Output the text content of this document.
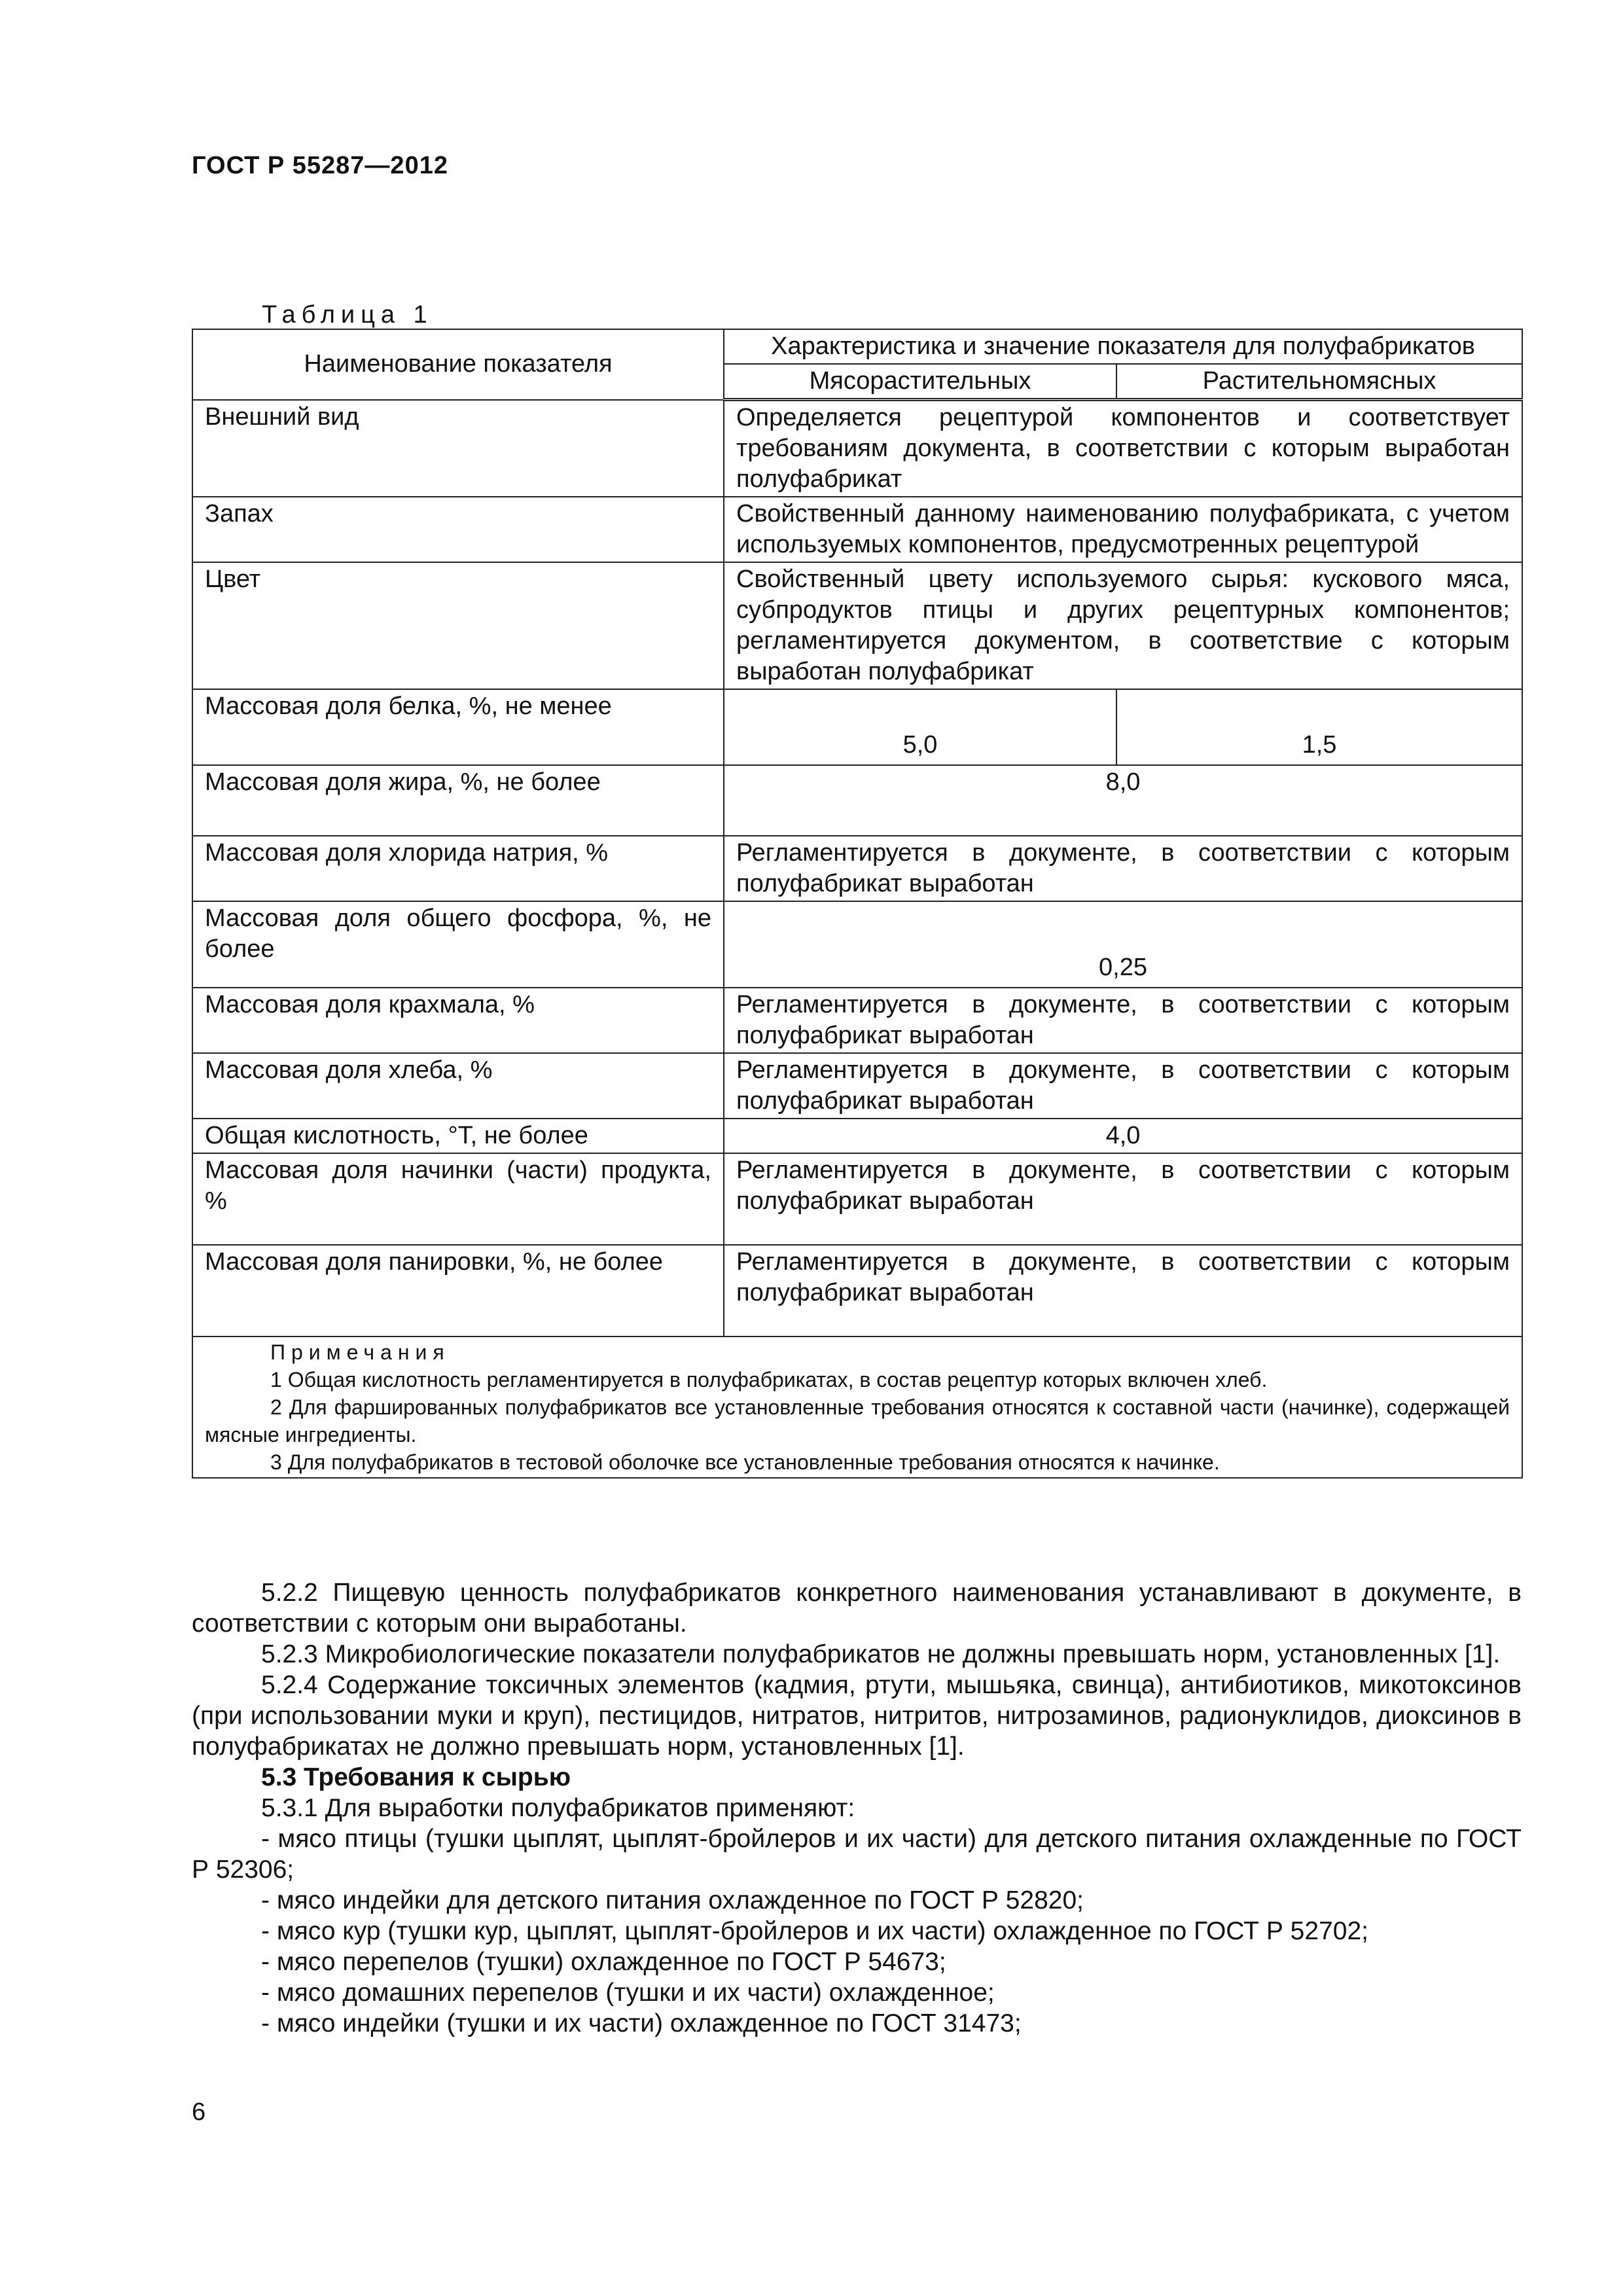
ГОСТ Р 55287—2012
Таблица 1
Наименование показателя	Характеристика и значение показателя для полуфабрикатов	
	Мясорастительных	Растительномясных
Внешний вид	Определяется рецептурой компонентов и соответствует требованиям документа, в соответствии с которым выработан полуфабрикат	
Запах	Свойственный данному наименованию полуфабриката, с учетом используемых компонентов, предусмотренных рецептурой	
Цвет	Свойственный цвету используемого сырья: кускового мяса, субпродуктов птицы и других рецептурных компонентов; регламентируется документом, в соответствие с которым выработан полуфабрикат	
Массовая доля белка, %, не менее	5,0	1,5
Массовая доля жира, %, не более	8,0	
Массовая доля хлорида натрия, %	Регламентируется в документе, в соответствии с которым полуфабрикат выработан	
Массовая доля общего фосфора, %, не более	0,25	
Массовая доля крахмала, %	Регламентируется в документе, в соответствии с которым полуфабрикат выработан	
Массовая доля хлеба, %	Регламентируется в документе, в соответствии с которым полуфабрикат выработан	
Общая кислотность, °Т, не более	4,0	
Массовая доля начинки (части) продукта, %	Регламентируется в документе, в соответствии с которым полуфабрикат выработан	
Массовая доля панировки, %, не более	Регламентируется в документе, в соответствии с которым полуфабрикат выработан	

Примечания
1 Общая кислотность регламентируется в полуфабрикатах, в состав рецептур которых включен хлеб.
2 Для фаршированных полуфабрикатов все установленные требования относятся к составной части (начинке), содержащей мясные ингредиенты.
3 Для полуфабрикатов в тестовой оболочке все установленные требования относятся к начинке.		
5.2.2 Пищевую ценность полуфабрикатов конкретного наименования устанавливают в документе, в соответствии с которым они выработаны.
5.2.3 Микробиологические показатели полуфабрикатов не должны превышать норм, установленных [1].
5.2.4 Содержание токсичных элементов (кадмия, ртути, мышьяка, свинца), антибиотиков, микотоксинов (при использовании муки и круп), пестицидов, нитратов, нитритов, нитрозаминов, радионуклидов, диоксинов в полуфабрикатах не должно превышать норм, установленных [1].
5.3 Требования к сырью
5.3.1 Для выработки полуфабрикатов применяют:
- мясо птицы (тушки цыплят, цыплят-бройлеров и их части) для детского питания охлажденные по ГОСТ Р 52306;
- мясо индейки для детского питания охлажденное по ГОСТ Р 52820;
- мясо кур (тушки кур, цыплят, цыплят-бройлеров и их части) охлажденное по ГОСТ Р 52702;
- мясо перепелов (тушки) охлажденное по ГОСТ Р 54673;
- мясо домашних перепелов (тушки и их части) охлажденное;
- мясо индейки (тушки и их части) охлажденное по ГОСТ 31473;
6
